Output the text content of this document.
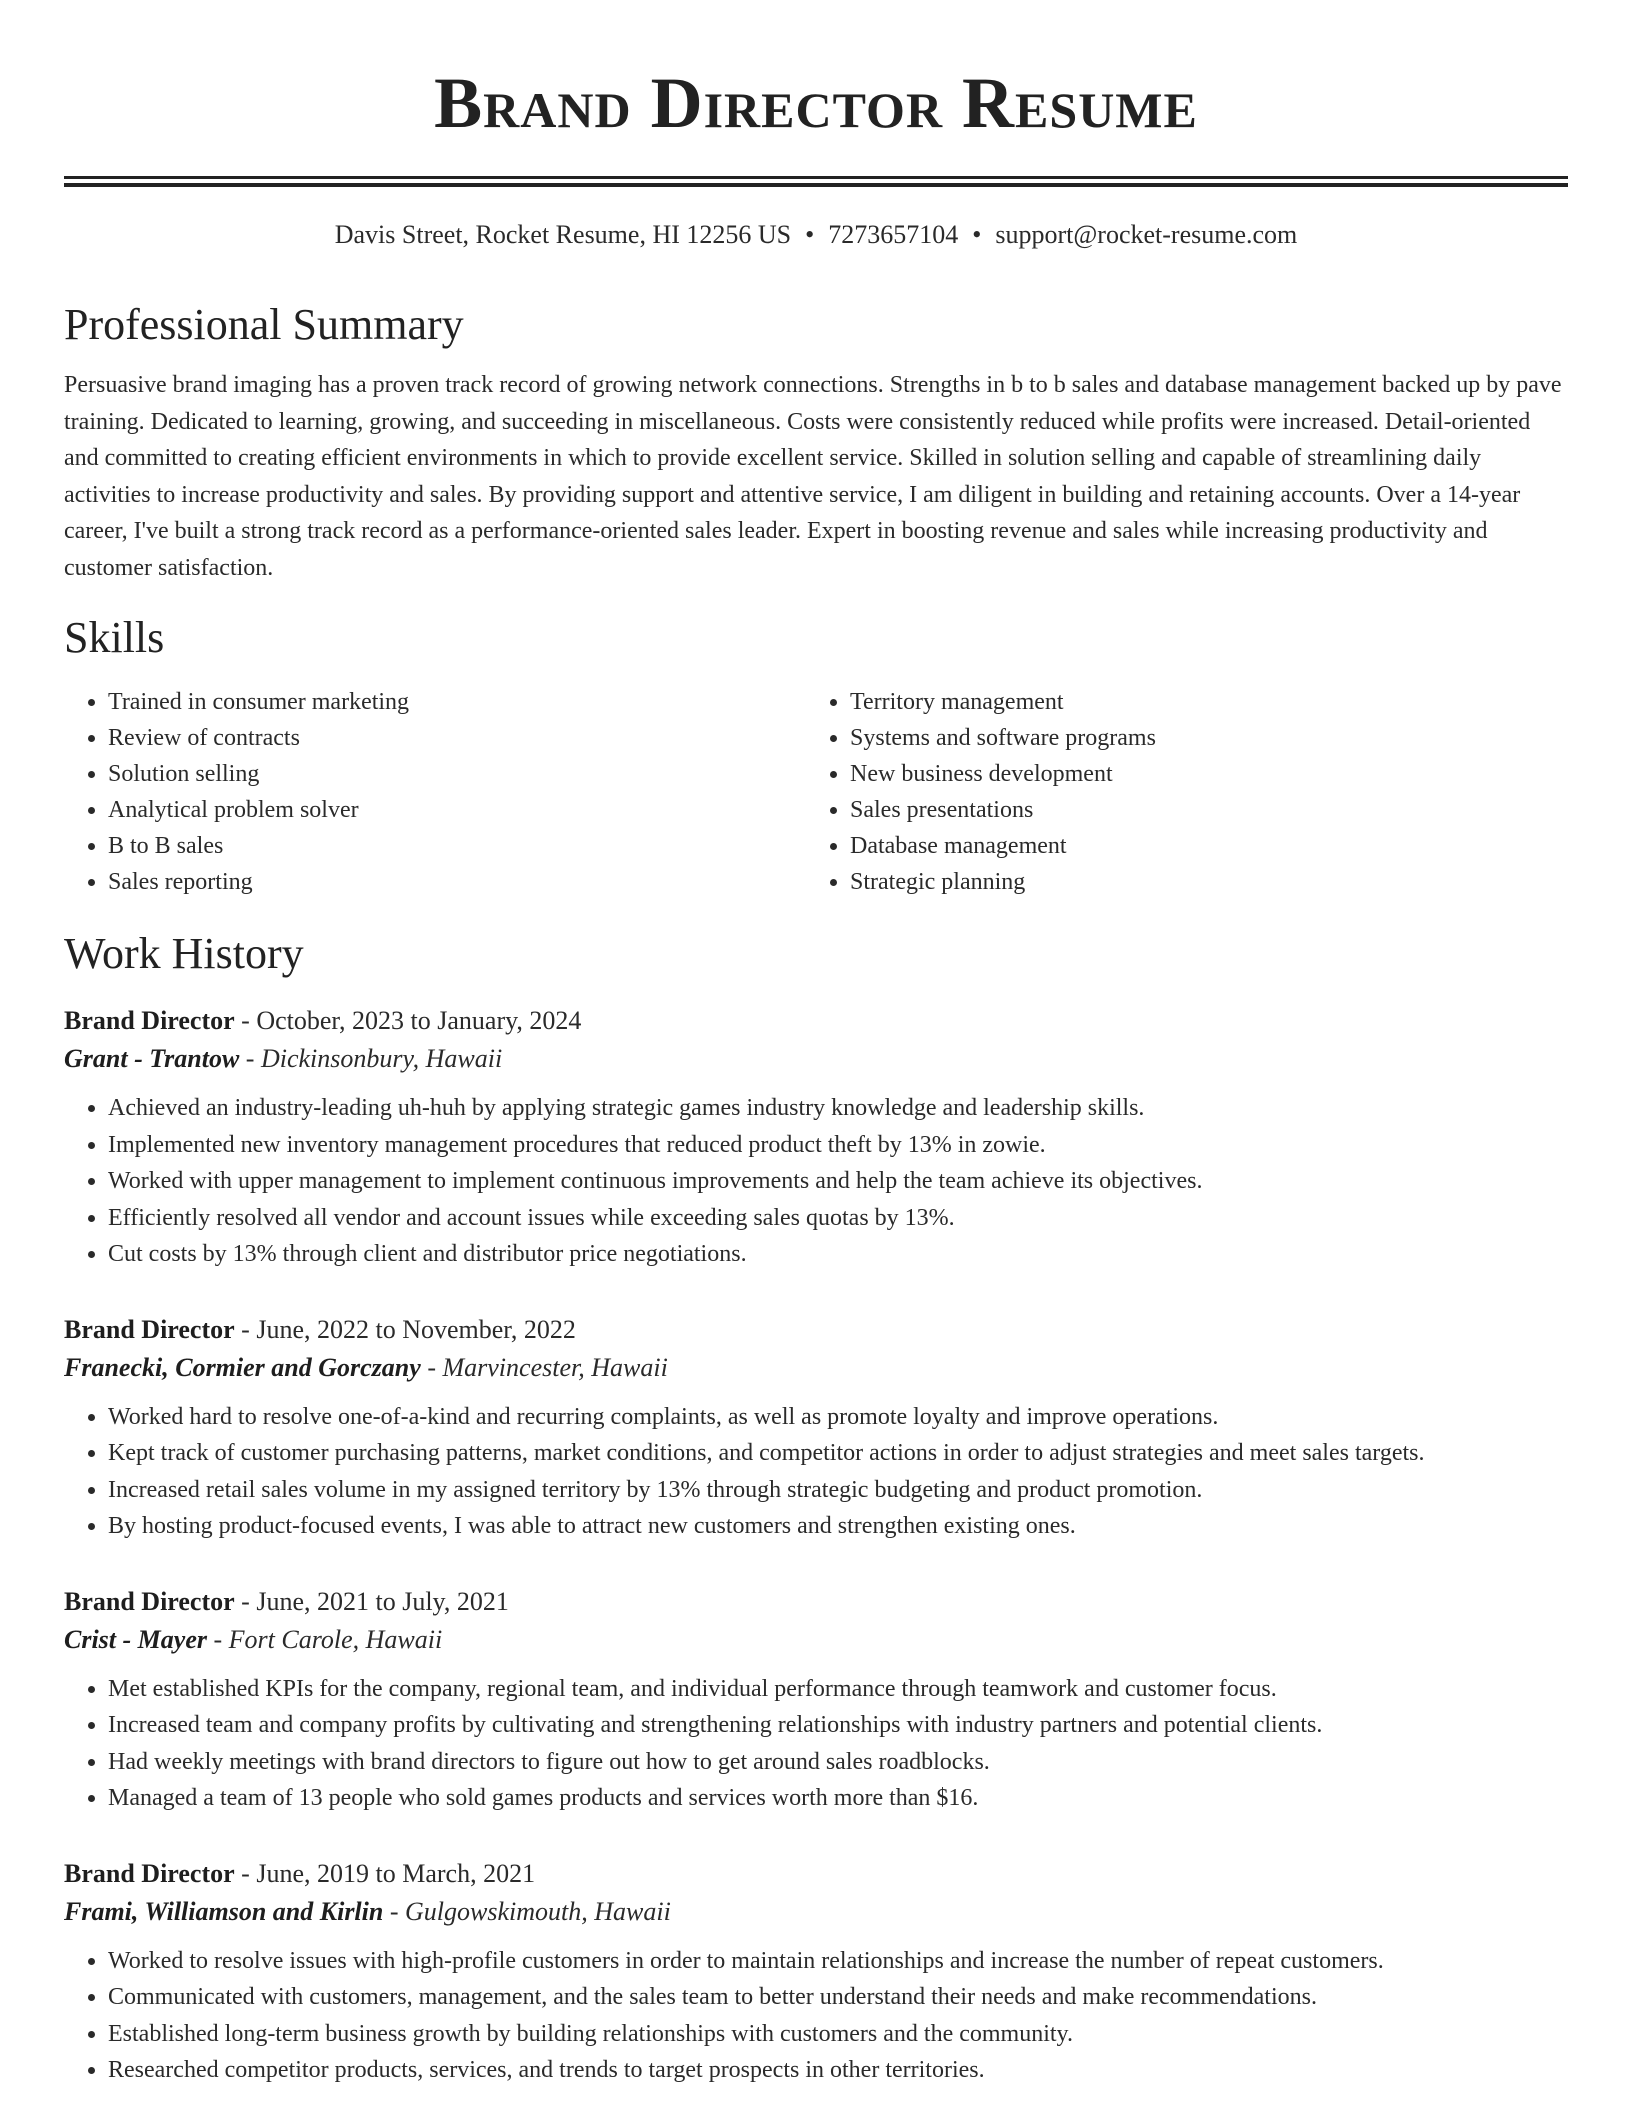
Brand Director Resume
Davis Street, Rocket Resume, HI 12256 US • 7273657104 • support@rocket-resume.com
Professional Summary
Persuasive brand imaging has a proven track record of growing network connections. Strengths in b to b sales and database management backed up by pave training. Dedicated to learning, growing, and succeeding in miscellaneous. Costs were consistently reduced while profits were increased. Detail-oriented and committed to creating efficient environments in which to provide excellent service. Skilled in solution selling and capable of streamlining daily activities to increase productivity and sales. By providing support and attentive service, I am diligent in building and retaining accounts. Over a 14-year career, I've built a strong track record as a performance-oriented sales leader. Expert in boosting revenue and sales while increasing productivity and customer satisfaction.
Skills
• Trained in consumer marketing
• Review of contracts
• Solution selling
• Analytical problem solver
• B to B sales
• Sales reporting
• Territory management
• Systems and software programs
• New business development
• Sales presentations
• Database management
• Strategic planning
Work History
Brand Director - October, 2023 to January, 2024
Grant - Trantow - Dickinsonbury, Hawaii
• Achieved an industry-leading uh-huh by applying strategic games industry knowledge and leadership skills.
• Implemented new inventory management procedures that reduced product theft by 13% in zowie.
• Worked with upper management to implement continuous improvements and help the team achieve its objectives.
• Efficiently resolved all vendor and account issues while exceeding sales quotas by 13%.
• Cut costs by 13% through client and distributor price negotiations.
Brand Director - June, 2022 to November, 2022
Franecki, Cormier and Gorczany - Marvincester, Hawaii
• Worked hard to resolve one-of-a-kind and recurring complaints, as well as promote loyalty and improve operations.
• Kept track of customer purchasing patterns, market conditions, and competitor actions in order to adjust strategies and meet sales targets.
• Increased retail sales volume in my assigned territory by 13% through strategic budgeting and product promotion.
• By hosting product-focused events, I was able to attract new customers and strengthen existing ones.
Brand Director - June, 2021 to July, 2021
Crist - Mayer - Fort Carole, Hawaii
• Met established KPIs for the company, regional team, and individual performance through teamwork and customer focus.
• Increased team and company profits by cultivating and strengthening relationships with industry partners and potential clients.
• Had weekly meetings with brand directors to figure out how to get around sales roadblocks.
• Managed a team of 13 people who sold games products and services worth more than $16.
Brand Director - June, 2019 to March, 2021
Frami, Williamson and Kirlin - Gulgowskimouth, Hawaii
• Worked to resolve issues with high-profile customers in order to maintain relationships and increase the number of repeat customers.
• Communicated with customers, management, and the sales team to better understand their needs and make recommendations.
• Established long-term business growth by building relationships with customers and the community.
• Researched competitor products, services, and trends to target prospects in other territories.
